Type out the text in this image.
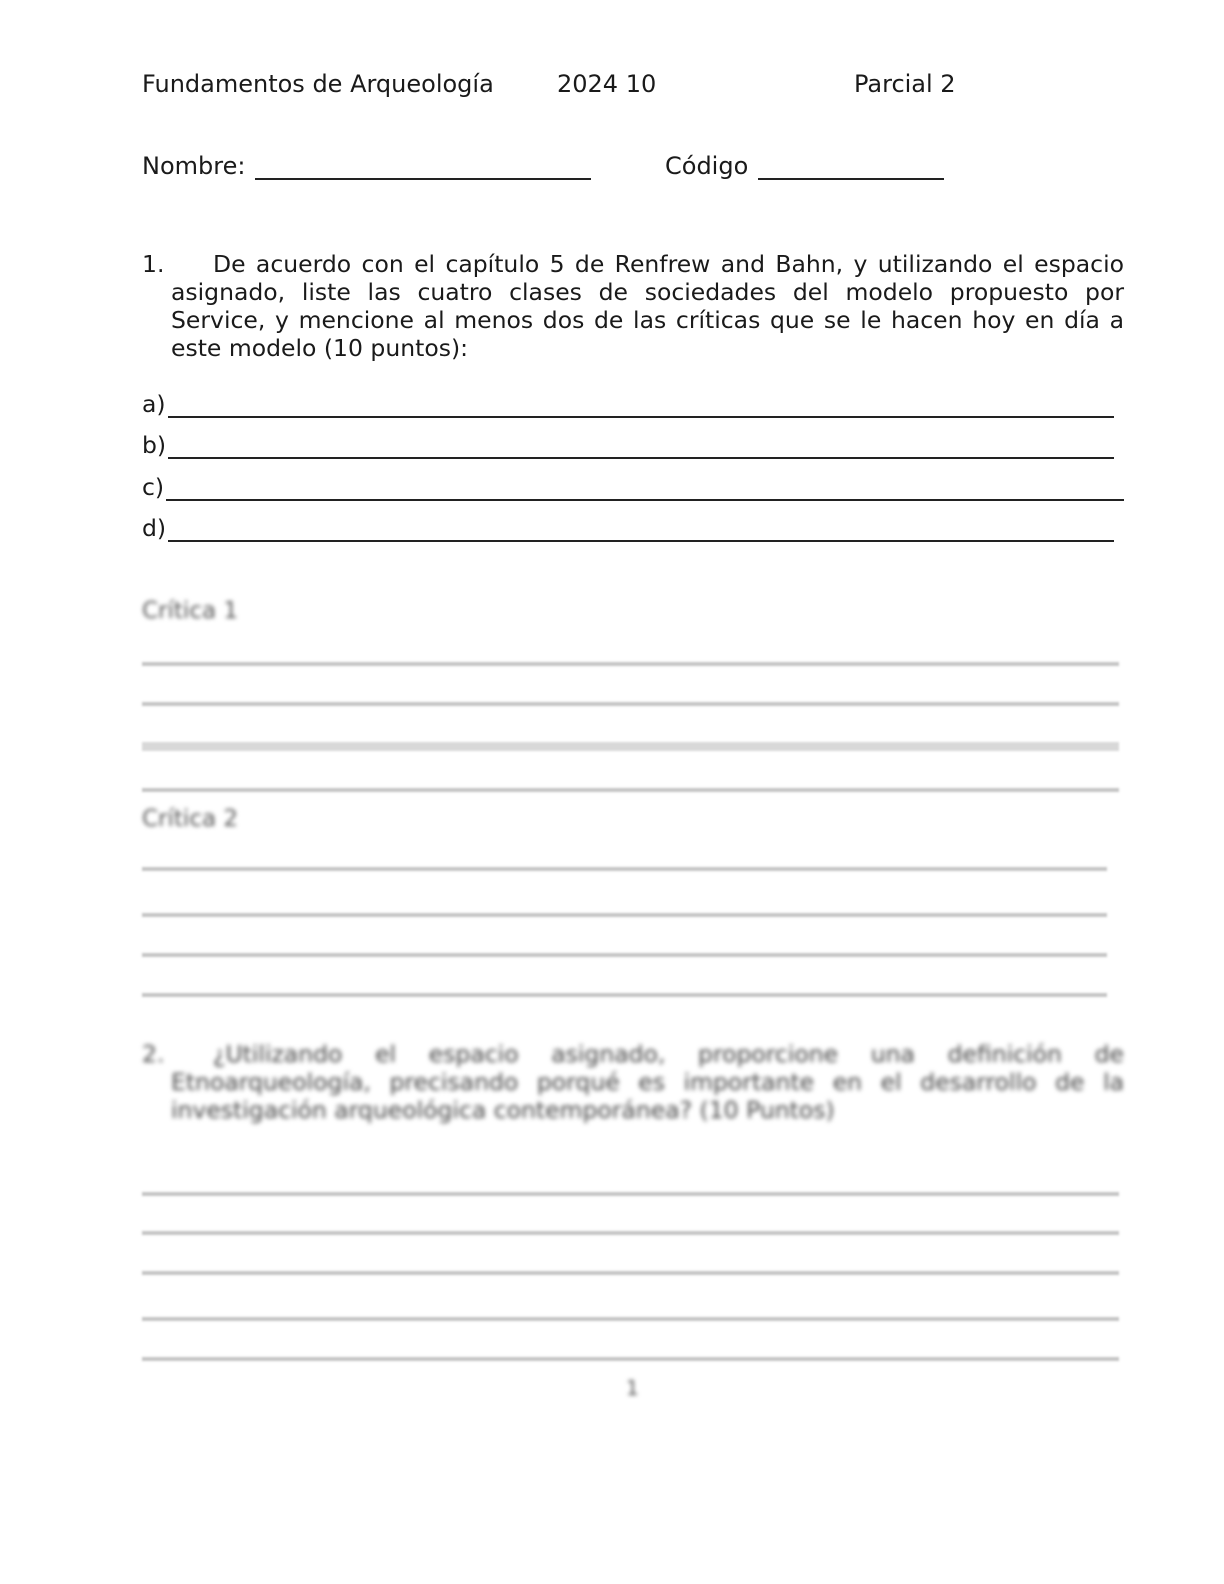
Fundamentos de Arqueología	2024 10	Parcial 2
Nombre:	Código
1.	De acuerdo con el capítulo 5 de Renfrew and Bahn, y utilizando el espacio asignado, liste las cuatro clases de sociedades del modelo propuesto por Service, y mencione al menos dos de las críticas que se le hacen hoy en día a este modelo (10 puntos):
a)
b)
c)
d)
Crítica 1
Crítica 2
2.	¿Utilizando el espacio asignado, proporcione una definición de Etnoarqueología, precisando porqué es importante en el desarrollo de la investigación arqueológica contemporánea? (10 Puntos)
1
